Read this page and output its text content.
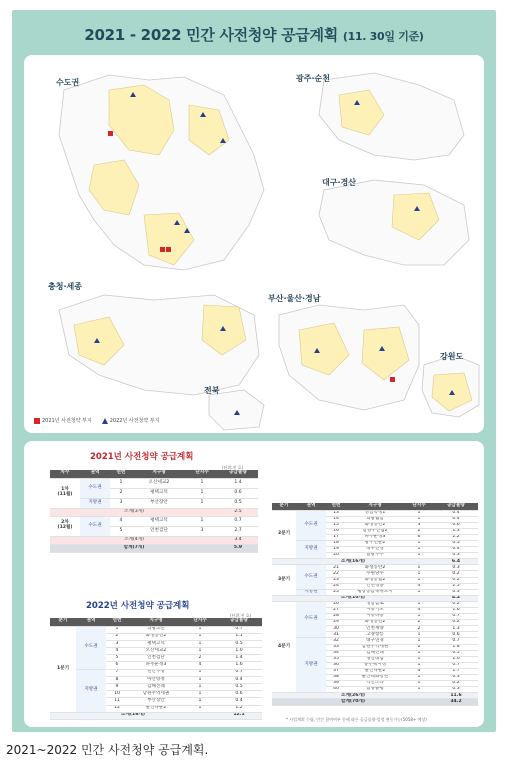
2021 - 2022 민간 사전청약 공급계획 (11. 30일 기준)
수도권	광주·순천
대구·경산
충청·세종
부산·울산·경남
강원도
전북
2021년 사전청약 부지	2022년 사전청약 부지
2021년 사전청약 공급계획
(단위:천 호)
차수	권역	연번	지구명	단지수	공급물량
1차
(11월)	수도권	1	오산세교2	1	1.4
		2	평택고덕	1	0.6
	지방권	3	부산장안	1	0.5
소계(3개)					2.5
2차
(12월)	수도권	4	평택고덕	1	0.7
		5	인천검단	3	2.7
소계(4개)					3.4
합계(7개)					5.9
2022년 사전청약 공급계획
(단위:천 호)
분기	권역	연번	지구명	단지수	공급물량
1분기	수도권	1	의왕고천	1	0.7
		2	화성동탄2	1	1.1
		3	평택고덕	1	0.5
		4	오산세교2	1	1.0
		5	인천검단	2	1.4
		6	파주운정3	4	1.6
	지방권	7	천안부성	1	0.7
		8	아산탕정	1	0.4
		9	김해진례	1	0.5
		10	남원주역세권	1	0.6
		11	부산장안	1	0.4
		12	울산다운2	1	1.2
소계(16개)					12.1
분기	권역	연번	지구명	단지수	공급물량
2분기	수도권	13	성남복정1	1	0.4
		14	의왕월암	1	0.4
		15	화성동탄2	3	0.6
		16	남양주진접2	2	1.3
		17	파주운정3	6	2.2
	지방권	18	광주선운2	1	0.5
		19	대구연경	1	0.4
		20	일광부부	1	0.3
소계(16개)					6.4
3분기	수도권	21	화성동탄2	1	0.3
		22	수원당수	1	0.2
		23	화성봉담2	1	0.2
		24	인천영종	4	2.5
	지방권	25	평창봉금북위도시	1	0.3
소계(10개)					4.2
4분기	수도권	26	성남금토	1	0.2
		27	시흥거모	4	1.6
		28	시흥하중	1	0.7
		29	화성동탄2	2	0.2
		30	인천계양	2	1.3
		31	고양창릉	1	0.6
	지방권	32	대구연경	1	0.7
		33	남원주역세권	2	1.8
		34	김해진례	1	0.5
		35	경산대임	1	1.0
		36	충주택시정	1	0.7
		37	울산다운2	4	1.7
		38	울산태화강변	1	0.3
		39	익산소라	1	0.2
		40	함양용평	1	0.3
소계(26개)					11.6
합계(70개)					34.2
* 사업계획 수립, 민간 참여여부 등에 따른 공급물량·일정 변동가능(5058+ 예상)
2021~2022 민간 사전청약 공급계획.
